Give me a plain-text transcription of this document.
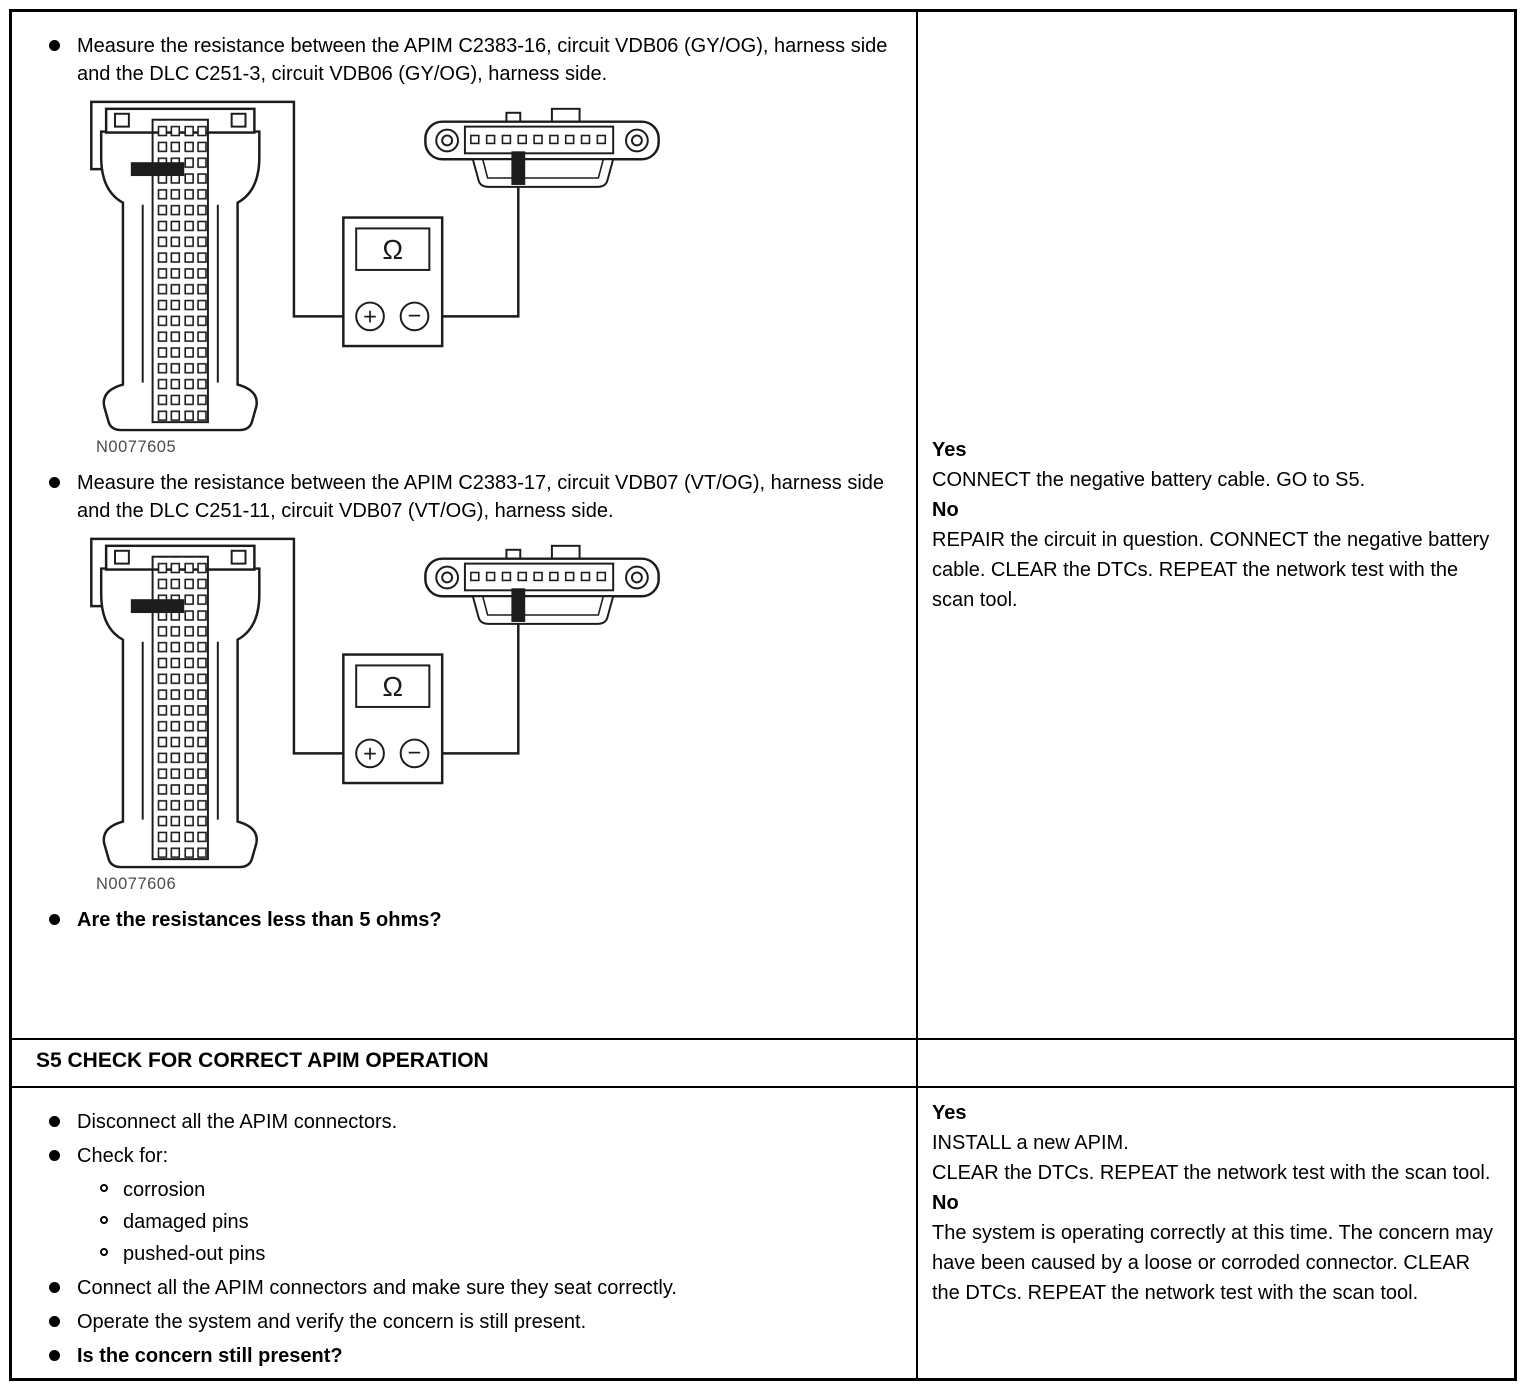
Measure the resistance between the APIM C2383-16, circuit VDB06 (GY/OG), harness side and the DLC C251-3, circuit VDB06 (GY/OG), harness side.
N0077605
Measure the resistance between the APIM C2383-17, circuit VDB07 (VT/OG), harness side and the DLC C251-11, circuit VDB07 (VT/OG), harness side.
N0077606
Are the resistances less than 5 ohms?
Yes
CONNECT the negative battery cable. GO to S5.
No
REPAIR the circuit in question. CONNECT the negative battery cable. CLEAR the DTCs. REPEAT the network test with the scan tool.
S5 CHECK FOR CORRECT APIM OPERATION
Disconnect all the APIM connectors.
Check for:
corrosion
damaged pins
pushed-out pins
Connect all the APIM connectors and make sure they seat correctly.
Operate the system and verify the concern is still present.
Is the concern still present?
Yes
INSTALL a new APIM.
CLEAR the DTCs. REPEAT the network test with the scan tool.
No
The system is operating correctly at this time. The concern may have been caused by a loose or corroded connector. CLEAR the DTCs. REPEAT the network test with the scan tool.
